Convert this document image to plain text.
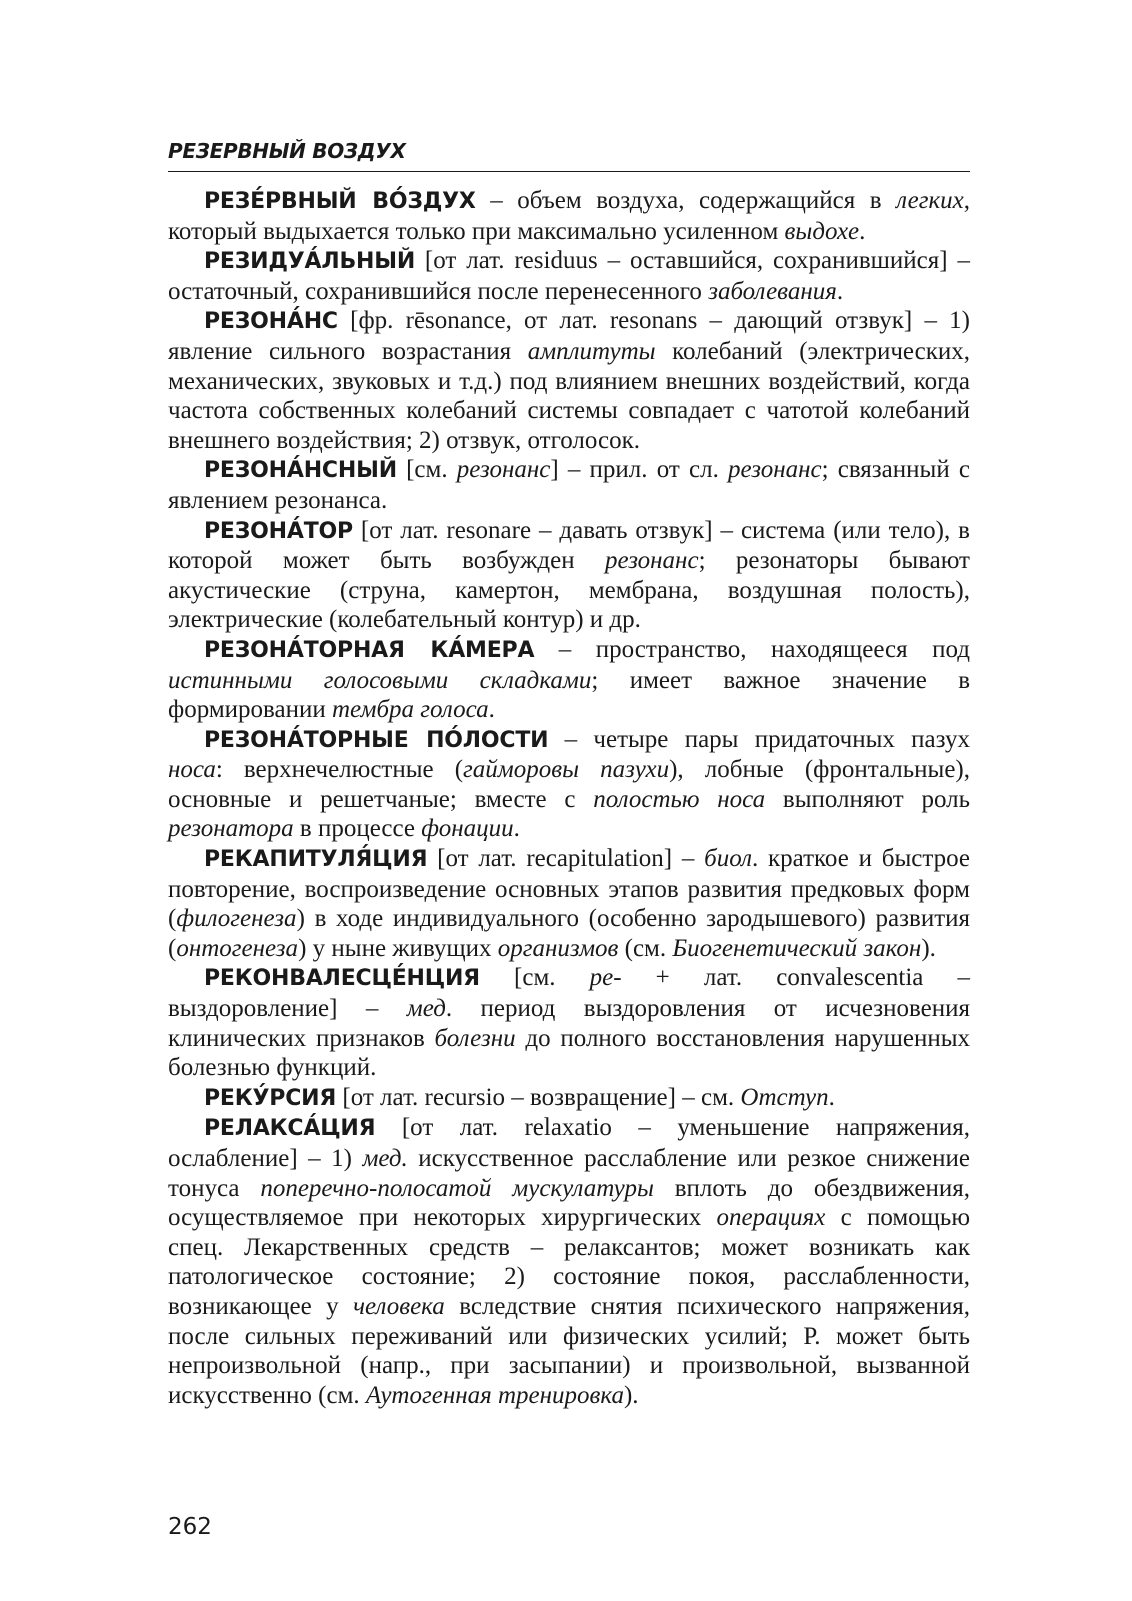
РЕЗЕРВНЫЙ ВОЗДУХ

РЕЗЕ́РВНЫЙ ВО́ЗДУХ – объем воздуха, содержащийся в легких, который выдыхается только при максимально усиленном выдохе.

РЕЗИДУА́ЛЬНЫЙ [от лат. residuus – оставшийся, сохранившийся] – остаточный, сохранившийся после перенесенного заболевания.

РЕЗОНА́НС [фр. rēsonance, от лат. resonans – дающий отзвук] – 1) явление сильного возрастания амплитуты колебаний (электрических, механических, звуковых и т.д.) под влиянием внешних воздействий, когда частота собственных колебаний системы совпадает с чатотой колебаний внешнего воздействия; 2) отзвук, отголосок.

РЕЗОНА́НСНЫЙ [см. резонанс] – прил. от сл. резонанс; связанный с явлением резонанса.

РЕЗОНА́ТОР [от лат. resonare – давать отзвук] – система (или тело), в которой может быть возбужден резонанс; резонаторы бывают акустические (струна, камертон, мембрана, воздушная полость), электрические (колебательный контур) и др.

РЕЗОНА́ТОРНАЯ КА́МЕРА – пространство, находящееся под истинными голосовыми складками; имеет важное значение в формировании тембра голоса.

РЕЗОНА́ТОРНЫЕ ПО́ЛОСТИ – четыре пары придаточных пазух носа: верхнечелюстные (гайморовы пазухи), лобные (фронтальные), основные и решетчаные; вместе с полостью носа выполняют роль резонатора в процессе фонации.

РЕКАПИТУЛЯ́ЦИЯ [от лат. recapitulation] – биол. краткое и быстрое повторение, воспроизведение основных этапов развития предковых форм (филогенеза) в ходе индивидуального (особенно зародышевого) развития (онтогенеза) у ныне живущих организмов (см. Биогенетический закон).

РЕКОНВАЛЕСЦЕ́НЦИЯ [см. ре- + лат. convalescentia – выздоровление] – мед. период выздоровления от исчезновения клинических признаков болезни до полного восстановления нарушенных болезнью функций.

РЕКУ́РСИЯ [от лат. recursio – возвращение] – см. Отступ.

РЕЛАКСА́ЦИЯ [от лат. relaxatio – уменьшение напряжения, ослабление] – 1) мед. искусственное расслабление или резкое снижение тонуса поперечно-полосатой мускулатуры вплоть до обездвижения, осуществляемое при некоторых хирургических операциях с помощью спец. Лекарственных средств – релаксантов; может возникать как патологическое состояние; 2) состояние покоя, расслабленности, возникающее у человека вследствие снятия психического напряжения, после сильных переживаний или физических усилий; Р. может быть непроизвольной (напр., при засыпании) и произвольной, вызванной искусственно (см. Аутогенная тренировка).

262
